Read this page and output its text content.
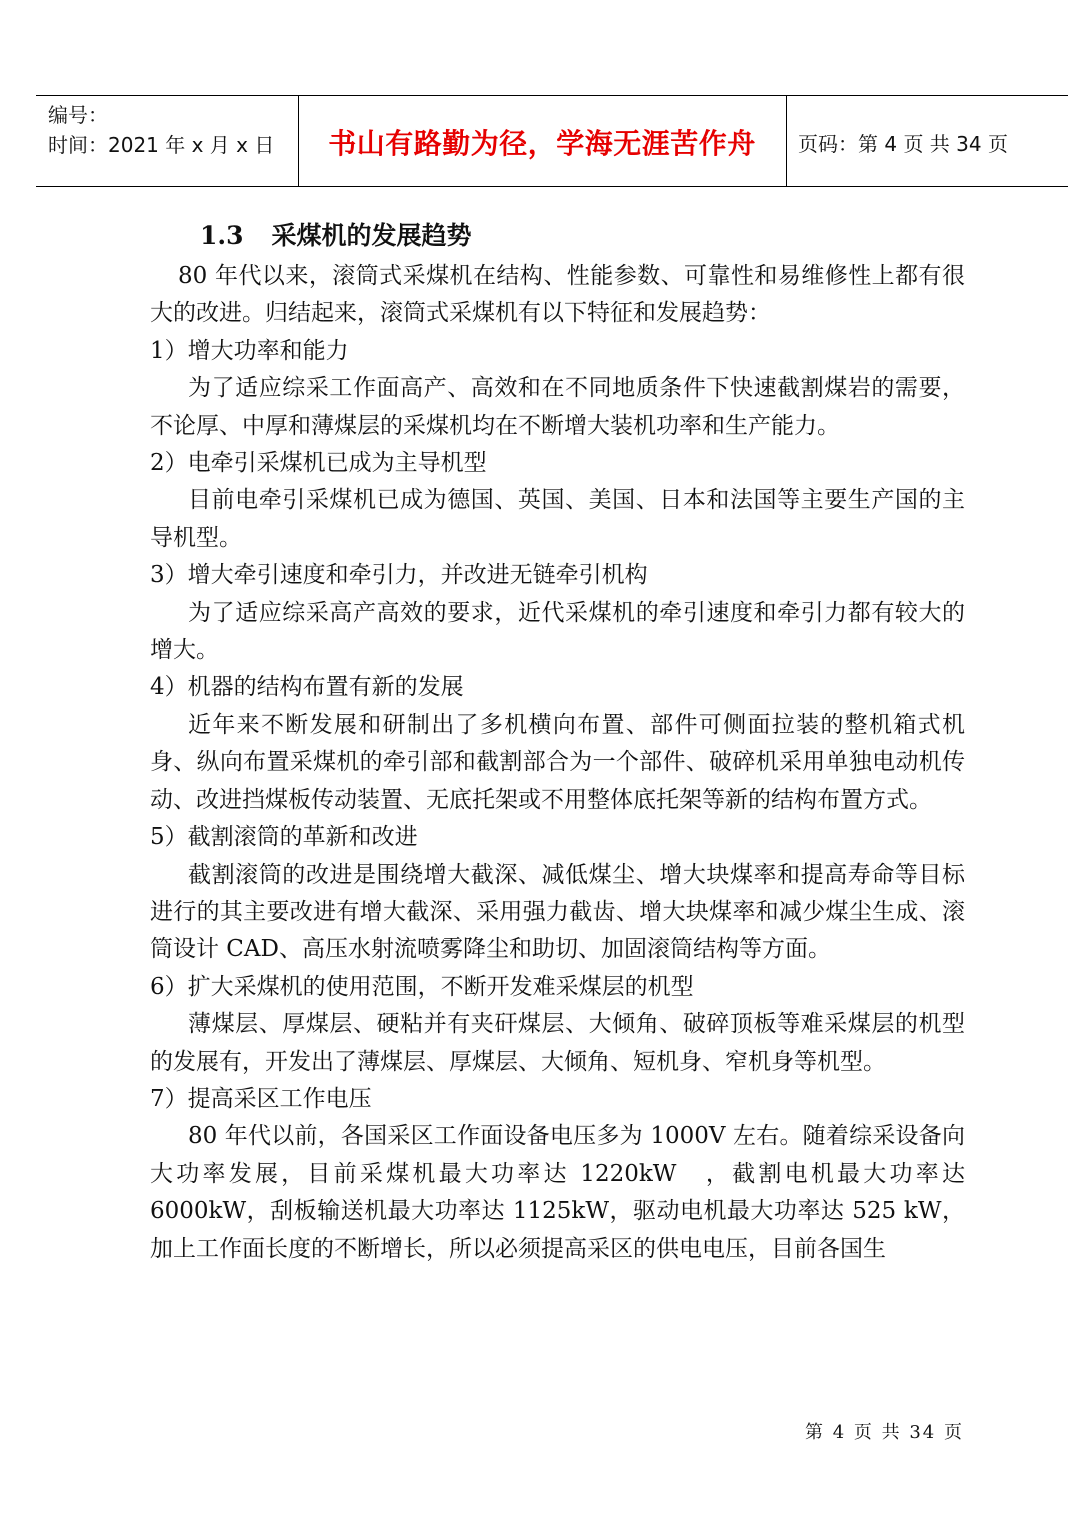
编号：
时间：2021 年 x 月 x 日	书山有路勤为径，学海无涯苦作舟	页码：第 4 页 共 34 页
1.3 采煤机的发展趋势

80 年代以来，滚筒式采煤机在结构、性能参数、可靠性和易维修性上都有很大的改进。归结起来，滚筒式采煤机有以下特征和发展趋势：

1）增大功率和能力

为了适应综采工作面高产、高效和在不同地质条件下快速截割煤岩的需要，不论厚、中厚和薄煤层的采煤机均在不断增大装机功率和生产能力。

2）电牵引采煤机已成为主导机型

目前电牵引采煤机已成为德国、英国、美国、日本和法国等主要生产国的主导机型。

3）增大牵引速度和牵引力，并改进无链牵引机构

为了适应综采高产高效的要求，近代采煤机的牵引速度和牵引力都有较大的增大。

4）机器的结构布置有新的发展

近年来不断发展和研制出了多机横向布置、部件可侧面拉装的整机箱式机身、纵向布置采煤机的牵引部和截割部合为一个部件、破碎机采用单独电动机传动、改进挡煤板传动装置、无底托架或不用整体底托架等新的结构布置方式。

5）截割滚筒的革新和改进

截割滚筒的改进是围绕增大截深、减低煤尘、增大块煤率和提高寿命等目标进行的其主要改进有增大截深、采用强力截齿、增大块煤率和减少煤尘生成、滚筒设计 CAD、高压水射流喷雾降尘和助切、加固滚筒结构等方面。

6）扩大采煤机的使用范围，不断开发难采煤层的机型

薄煤层、厚煤层、硬粘并有夹矸煤层、大倾角、破碎顶板等难采煤层的机型的发展有，开发出了薄煤层、厚煤层、大倾角、短机身、窄机身等机型。

7）提高采区工作电压

80 年代以前，各国采区工作面设备电压多为 1000V 左右。随着综采设备向大功率发展，目前采煤机最大功率达 1220kW　，截割电机最大功率达 6000kW，刮板输送机最大功率达 1125kW，驱动电机最大功率达 525 kW，加上工作面长度的不断增长，所以必须提高采区的供电电压，目前各国生

第 4 页 共 34 页
